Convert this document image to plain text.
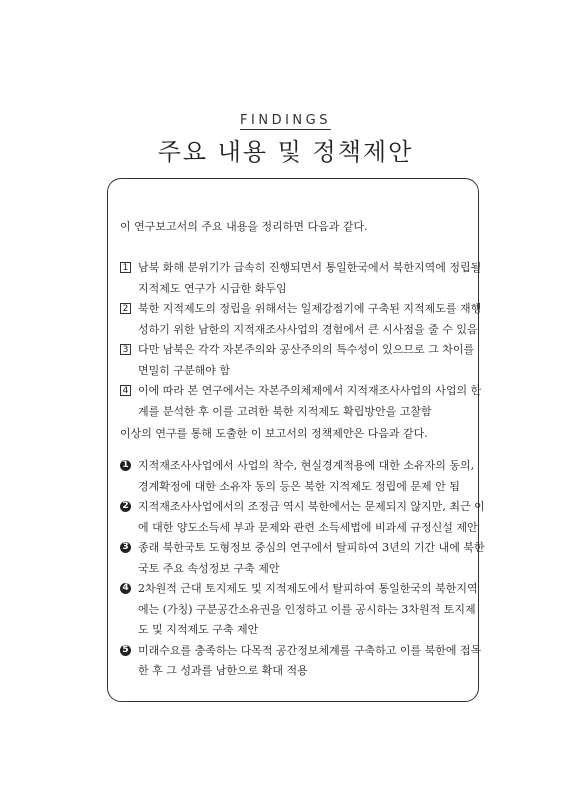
FINDINGS
주요 내용 및 정책제안
이 연구보고서의 주요 내용을 정리하면 다음과 같다.
1 남북 화해 분위기가 급속히 진행되면서 통일한국에서 북한지역에 정립될
지적제도 연구가 시급한 화두임
2 북한 지적제도의 정립을 위해서는 일제강점기에 구축된 지적제도를 재행
성하기 위한 남한의 지적재조사사업의 경험에서 큰 시사점을 줄 수 있음
3 다만 남북은 각각 자본주의와 공산주의의 특수성이 있으므로 그 차이를
면밀히 구분해야 함
4 이에 따라 본 연구에서는 자본주의체제에서 지적재조사사업의 사업의 한
계를 분석한 후 이를 고려한 북한 지적제도 확립방안을 고찰함
이상의 연구를 통해 도출한 이 보고서의 정책제안은 다음과 같다.
1 지적재조사사업에서 사업의 착수, 현실경계적용에 대한 소유자의 동의,
경계확정에 대한 소유자 동의 등은 북한 지적제도 정립에 문제 안 됨
2 지적재조사사업에서의 조정금 역시 북한에서는 문제되지 않지만, 최근 이
에 대한 양도소득세 부과 문제와 관련 소득세법에 비과세 규정신설 제안
3 종래 북한국토 도형정보 중심의 연구에서 탈피하여 3년의 기간 내에 북한
국토 주요 속성정보 구축 제안
4 2차원적 근대 토지제도 및 지적제도에서 탈피하여 통일한국의 북한지역
에는 (가칭) 구분공간소유권을 인정하고 이를 공시하는 3차원적 토지제
도 및 지적제도 구축 제안
5 미래수요를 충족하는 다목적 공간정보체계를 구축하고 이를 북한에 접목
한 후 그 성과를 남한으로 확대 적용
